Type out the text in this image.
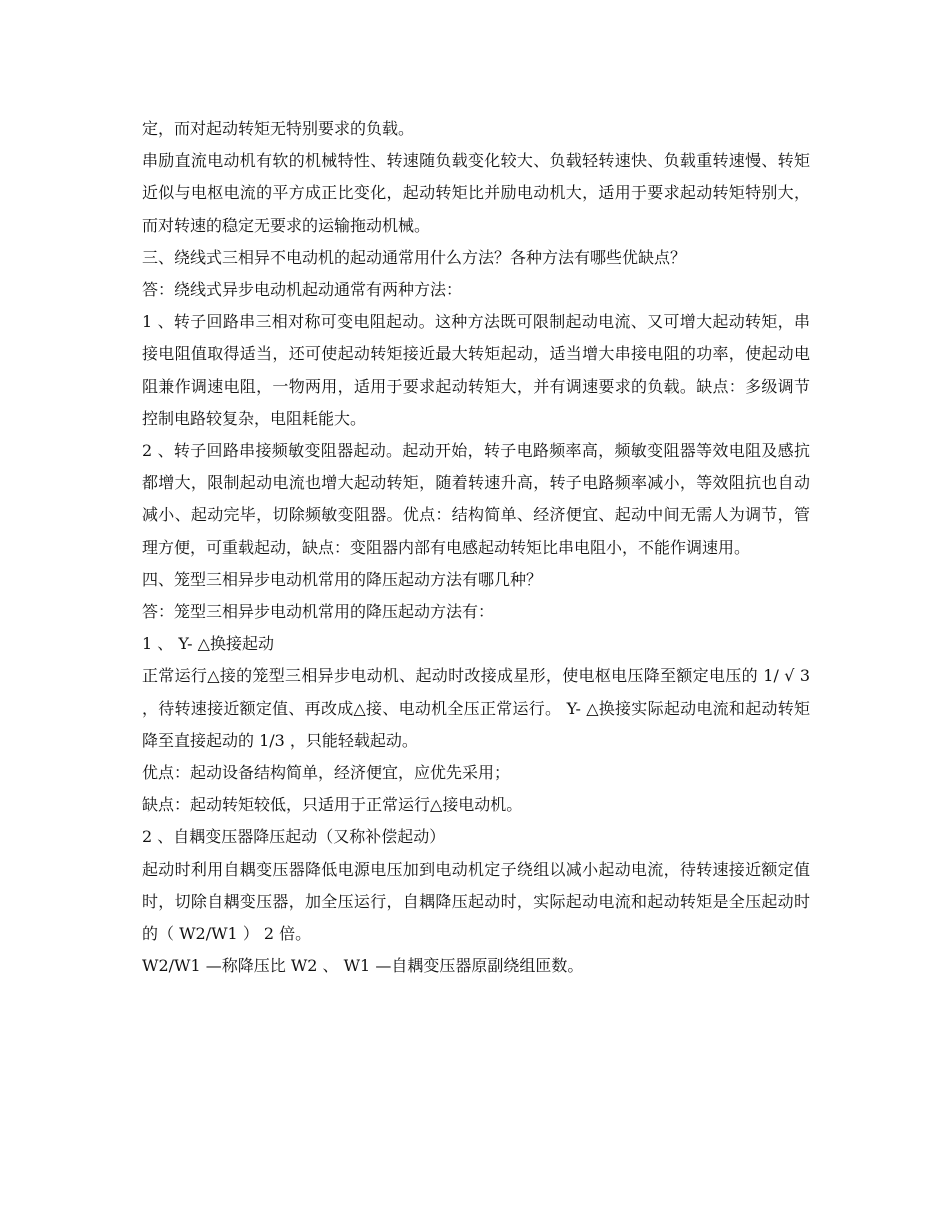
定，而对起动转矩无特别要求的负载。

串励直流电动机有软的机械特性、转速随负载变化较大、负载轻转速快、负载重转速慢、转矩近似与电枢电流的平方成正比变化，起动转矩比并励电动机大，适用于要求起动转矩特别大，而对转速的稳定无要求的运输拖动机械。

三、绕线式三相异不电动机的起动通常用什么方法？各种方法有哪些优缺点？

答：绕线式异步电动机起动通常有两种方法：

1 、转子回路串三相对称可变电阻起动。这种方法既可限制起动电流、又可增大起动转矩，串接电阻值取得适当，还可使起动转矩接近最大转矩起动，适当增大串接电阻的功率，使起动电阻兼作调速电阻，一物两用，适用于要求起动转矩大，并有调速要求的负载。缺点：多级调节控制电路较复杂，电阻耗能大。

2 、转子回路串接频敏变阻器起动。起动开始，转子电路频率高，频敏变阻器等效电阻及感抗都增大，限制起动电流也增大起动转矩，随着转速升高，转子电路频率减小，等效阻抗也自动减小、起动完毕，切除频敏变阻器。优点：结构简单、经济便宜、起动中间无需人为调节，管理方便，可重载起动，缺点：变阻器内部有电感起动转矩比串电阻小，不能作调速用。

四、笼型三相异步电动机常用的降压起动方法有哪几种？

答：笼型三相异步电动机常用的降压起动方法有：

1 、 Y- △换接起动

正常运行△接的笼型三相异步电动机、起动时改接成星形，使电枢电压降至额定电压的 1/ √ 3 ，待转速接近额定值、再改成△接、电动机全压正常运行。 Y- △换接实际起动电流和起动转矩降至直接起动的 1/3 ，只能轻载起动。

优点：起动设备结构简单，经济便宜，应优先采用；

缺点：起动转矩较低，只适用于正常运行△接电动机。

2 、自耦变压器降压起动（又称补偿起动）

起动时利用自耦变压器降低电源电压加到电动机定子绕组以减小起动电流，待转速接近额定值时，切除自耦变压器，加全压运行，自耦降压起动时，实际起动电流和起动转矩是全压起动时的（ W2/W1 ） 2 倍。

W2/W1 —称降压比 W2 、 W1 —自耦变压器原副绕组匝数。
